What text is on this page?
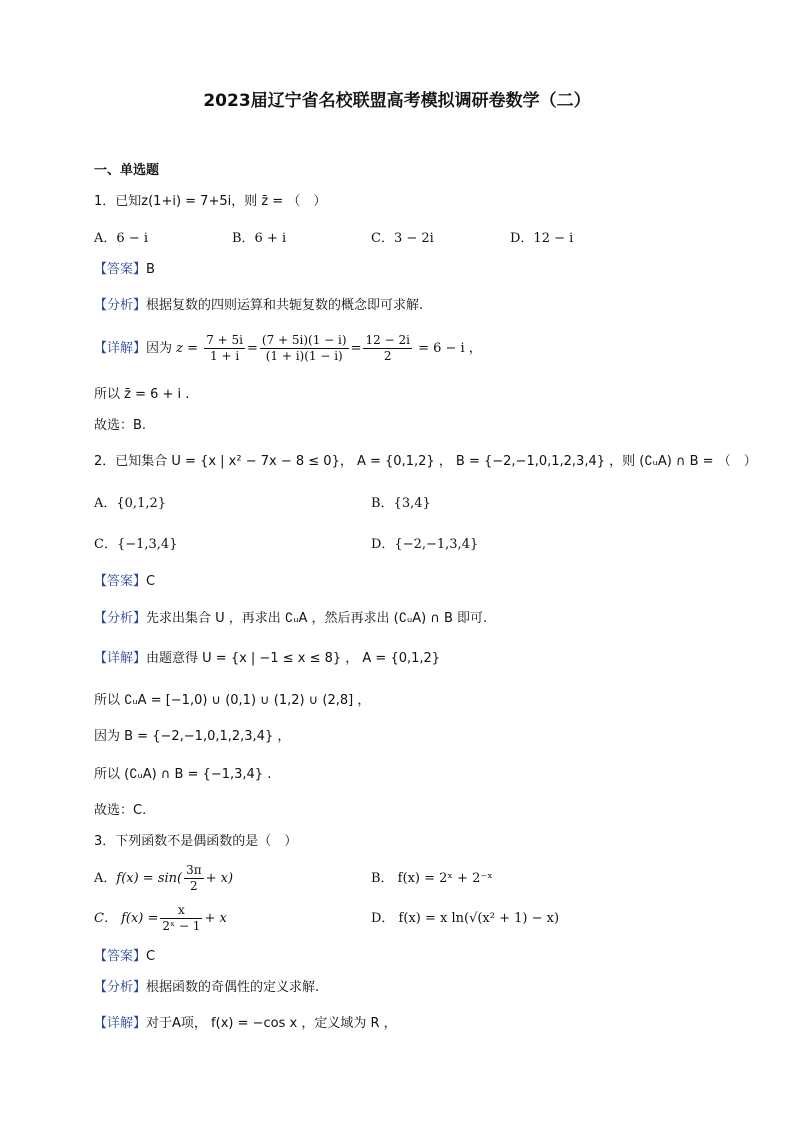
2023届辽宁省名校联盟高考模拟调研卷数学（二）
一、单选题
1．已知z(1+i) = 7+5i，则 z̄ = （　）
A．6 − i	B．6 + i	C．3 − 2i	D．12 − i
【答案】B
【分析】根据复数的四则运算和共轭复数的概念即可求解.
【详解】因为 $z = \frac{7 + 5i}{1 + i} = \frac{(7 + 5i)(1 - i)}{(1 + i)(1 - i)} = \frac{12 - 2i}{2} = 6 - i$ ，
所以 z̄ = 6 + i .
故选：B.
2．已知集合 U = {x | x² − 7x − 8 ≤ 0}， A = {0,1,2} ， B = {−2,−1,0,1,2,3,4} ，则 (∁ᵤA) ∩ B = （　）
A．{0,1,2}	B．{3,4}
C．{−1,3,4}	D．{−2,−1,3,4}
【答案】C
【分析】先求出集合 U ，再求出 ∁ᵤA ，然后再求出 (∁ᵤA) ∩ B 即可.
【详解】由题意得 U = {x | −1 ≤ x ≤ 8} ， A = {0,1,2}
所以 ∁ᵤA = [−1,0) ∪ (0,1) ∪ (1,2) ∪ (2,8] ，
因为 B = {−2,−1,0,1,2,3,4} ，
所以 (∁ᵤA) ∩ B = {−1,3,4} .
故选：C.
3．下列函数不是偶函数的是（　）
A．$f(x) = \sin( \frac{3\pi}{2} + x)$	B． f(x) = 2ˣ + 2⁻ˣ
C． $f(x) = \frac{x}{\text{2ˣ − 1}} + x$	D． f(x) = x ln(√(x² + 1) − x)
【答案】C
【分析】根据函数的奇偶性的定义求解.
【详解】对于A项， f(x) = −cos x ，定义域为 R ，
